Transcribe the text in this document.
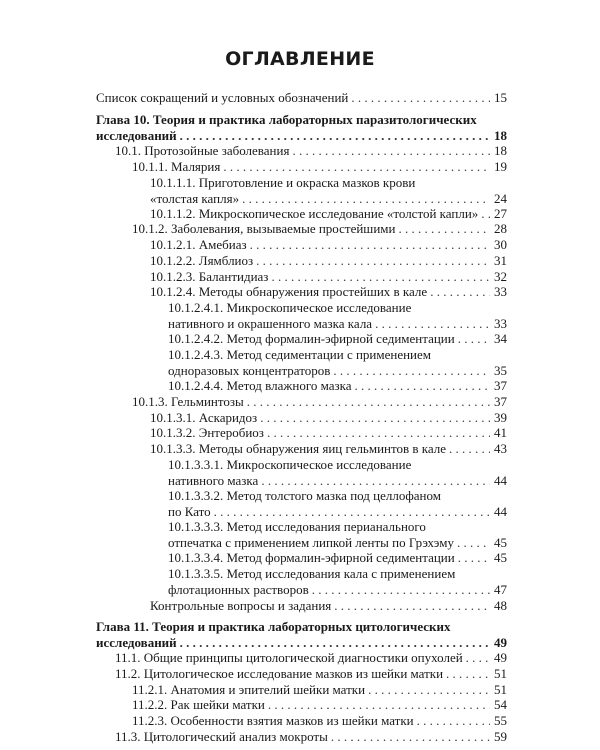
ОГЛАВЛЕНИЕ
Список сокращений и условных обозначений . . .	15
Глава 10. Теория и практика лабораторных паразитологических
исследований . . .	18
10.1. Протозойные заболевания . . .	18
10.1.1. Малярия . . .	19
10.1.1.1. Приготовление и окраска мазков крови
«толстая капля» . . .	24
10.1.1.2. Микроскопическое исследование «толстой капли» . . . 27
10.1.2. Заболевания, вызываемые простейшими . . .	28
10.1.2.1. Амебиаз . . .	30
10.1.2.2. Лямблиоз . . .	31
10.1.2.3. Балантидиаз . . .	32
10.1.2.4. Методы обнаружения простейших в кале . . .	33
10.1.2.4.1. Микроскопическое исследование
нативного и окрашенного мазка кала . . .	33
10.1.2.4.2. Метод формалин-эфирной седиментации . . .	34
10.1.2.4.3. Метод седиментации с применением
одноразовых концентраторов . . .	35
10.1.2.4.4. Метод влажного мазка . . .	37
10.1.3. Гельминтозы . . .	37
10.1.3.1. Аскаридоз . . .	39
10.1.3.2. Энтеробиоз . . .	41
10.1.3.3. Методы обнаружения яиц гельминтов в кале . . .	43
10.1.3.3.1. Микроскопическое исследование
нативного мазка . . .	44
10.1.3.3.2. Метод толстого мазка под целлофаном
по Като . . .	44
10.1.3.3.3. Метод исследования перианального
отпечатка с применением липкой ленты по Грэхэму . . .	45
10.1.3.3.4. Метод формалин-эфирной седиментации . . .	45
10.1.3.3.5. Метод исследования кала с применением
флотационных растворов . . .	47
Контрольные вопросы и задания . . .	48
Глава 11. Теория и практика лабораторных цитологических
исследований . . .	49
11.1. Общие принципы цитологической диагностики опухолей . . . 49
11.2. Цитологическое исследование мазков из шейки матки . . .	51
11.2.1. Анатомия и эпителий шейки матки . . .	51
11.2.2. Рак шейки матки . . .	54
11.2.3. Особенности взятия мазков из шейки матки . . .	55
11.3. Цитологический анализ мокроты . . .	59
